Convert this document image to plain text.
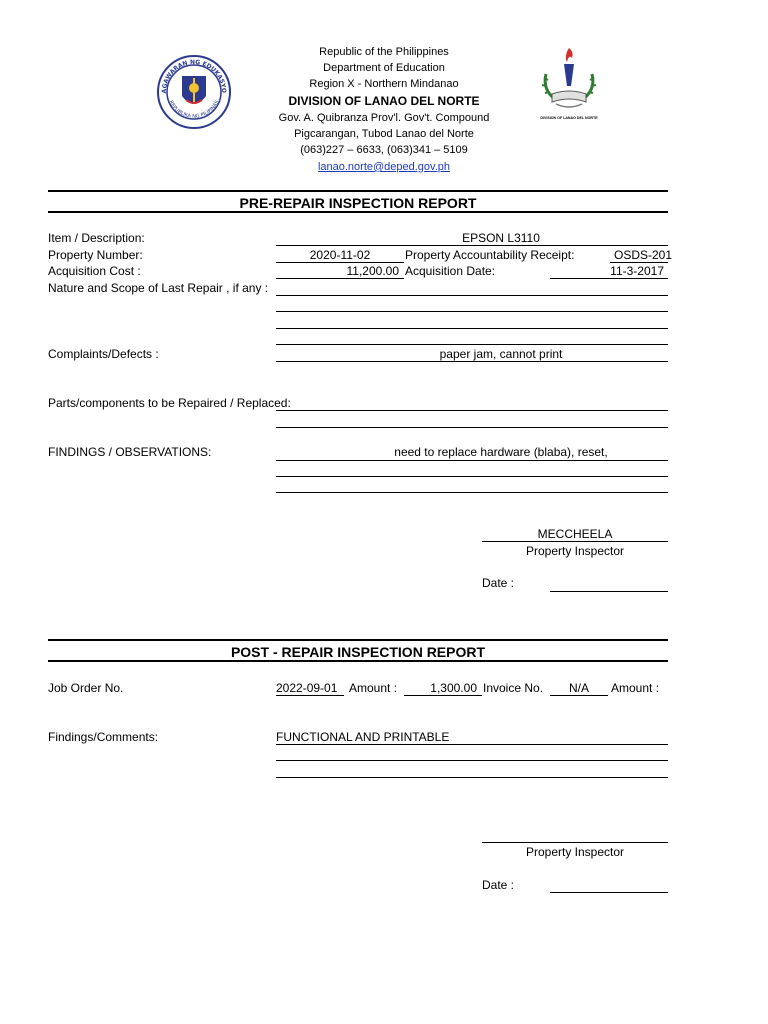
AGAWARAN NG EDUKASYO
REPUBLIKA NG PILIPINAS
DIVISION OF LANAO DEL NORTE
Republic of the Philippines
Department of Education
Region X - Northern Mindanao
DIVISION OF LANAO DEL NORTE
Gov. A. Quibranza Prov'l. Gov't. Compound
Pigcarangan, Tubod Lanao del Norte
(063)227 – 6633, (063)341 – 5109
lanao.norte@deped.gov.ph
PRE-REPAIR INSPECTION REPORT
Item / Description:	EPSON L3110
Property Number:	2020-11-02	Property Accountability Receipt:	OSDS-201
Acquisition Cost :	11,200.00 Acquisition Date:	11-3-2017
Nature and Scope of Last Repair , if any :
Complaints/Defects :	paper jam, cannot print
Parts/components to be Repaired / Replaced:
FINDINGS / OBSERVATIONS:	need to replace hardware (blaba), reset,
MECCHEELA
Property Inspector
Date :
POST - REPAIR INSPECTION REPORT
Job Order No.	2022-09-01 Amount :	1,300.00 Invoice No.	N/A	Amount :
Findings/Comments:	FUNCTIONAL AND PRINTABLE
Property Inspector
Date :
